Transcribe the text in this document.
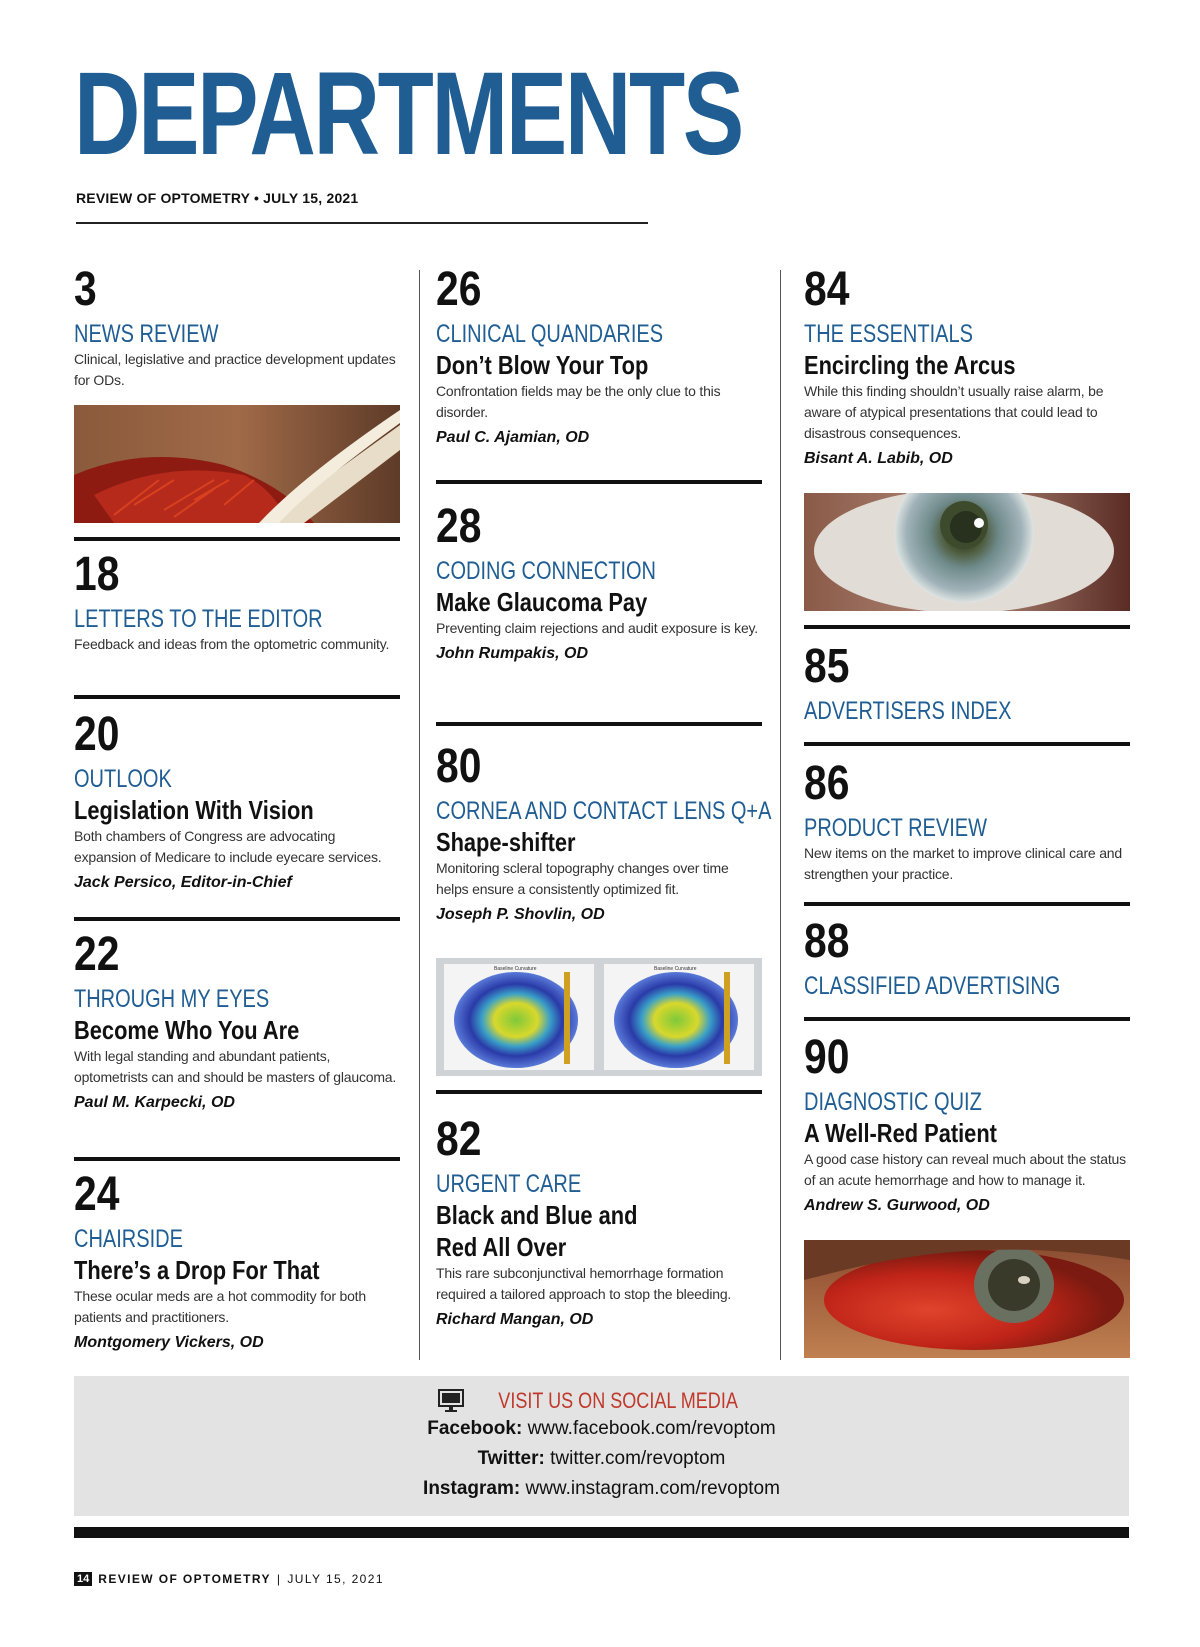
DEPARTMENTS
REVIEW OF OPTOMETRY • JULY 15, 2021
3
NEWS REVIEW
Clinical, legislative and practice development updates for ODs.
18
LETTERS TO THE EDITOR
Feedback and ideas from the optometric community.
20
OUTLOOK
Legislation With Vision
Both chambers of Congress are advocating expansion of Medicare to include eyecare services.
Jack Persico, Editor-in-Chief
22
THROUGH MY EYES
Become Who You Are
With legal standing and abundant patients, optometrists can and should be masters of glaucoma.
Paul M. Karpecki, OD
24
CHAIRSIDE
There’s a Drop For That
These ocular meds are a hot commodity for both patients and practitioners.
Montgomery Vickers, OD
26
CLINICAL QUANDARIES
Don’t Blow Your Top
Confrontation fields may be the only clue to this disorder.
Paul C. Ajamian, OD
28
CODING CONNECTION
Make Glaucoma Pay
Preventing claim rejections and audit exposure is key.
John Rumpakis, OD
80
CORNEA AND CONTACT LENS Q+A
Shape-shifter
Monitoring scleral topography changes over time helps ensure a consistently optimized fit.
Joseph P. Shovlin, OD
Baseline Curvature	Baseline Curvature
82
URGENT CARE
Black and Blue and
Red All Over
This rare subconjunctival hemorrhage formation required a tailored approach to stop the bleeding.
Richard Mangan, OD
84
THE ESSENTIALS
Encircling the Arcus
While this finding shouldn’t usually raise alarm, be aware of atypical presentations that could lead to disastrous consequences.
Bisant A. Labib, OD
85
ADVERTISERS INDEX
86
PRODUCT REVIEW
New items on the market to improve clinical care and strengthen your practice.
88
CLASSIFIED ADVERTISING
90
DIAGNOSTIC QUIZ
A Well-Red Patient
A good case history can reveal much about the status of an acute hemorrhage and how to manage it.
Andrew S. Gurwood, OD
VISIT US ON SOCIAL MEDIA
Facebook: www.facebook.com/revoptom
Twitter: twitter.com/revoptom
Instagram: www.instagram.com/revoptom
14 REVIEW OF OPTOMETRY | JULY 15, 2021
